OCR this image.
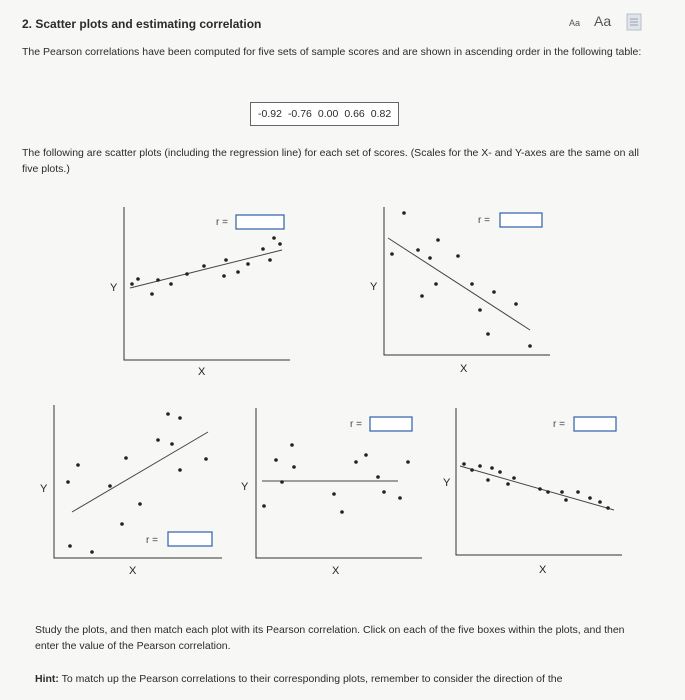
2. Scatter plots and estimating correlation	Aa Aa
The Pearson correlations have been computed for five sets of sample scores and are shown in ascending order in the following table:
-0.92 -0.76 0.00 0.66 0.82
The following are scatter plots (including the regression line) for each set of scores. (Scales for the X- and Y-axes are the same on all five plots.)
Y
X
Y
X
Y
X
Y
X
Y
X
r =	r =
r =
r =	r =
Study the plots, and then match each plot with its Pearson correlation. Click on each of the five boxes within the plots, and then enter the value of the Pearson correlation.
Hint: To match up the Pearson correlations to their corresponding plots, remember to consider the direction of the
